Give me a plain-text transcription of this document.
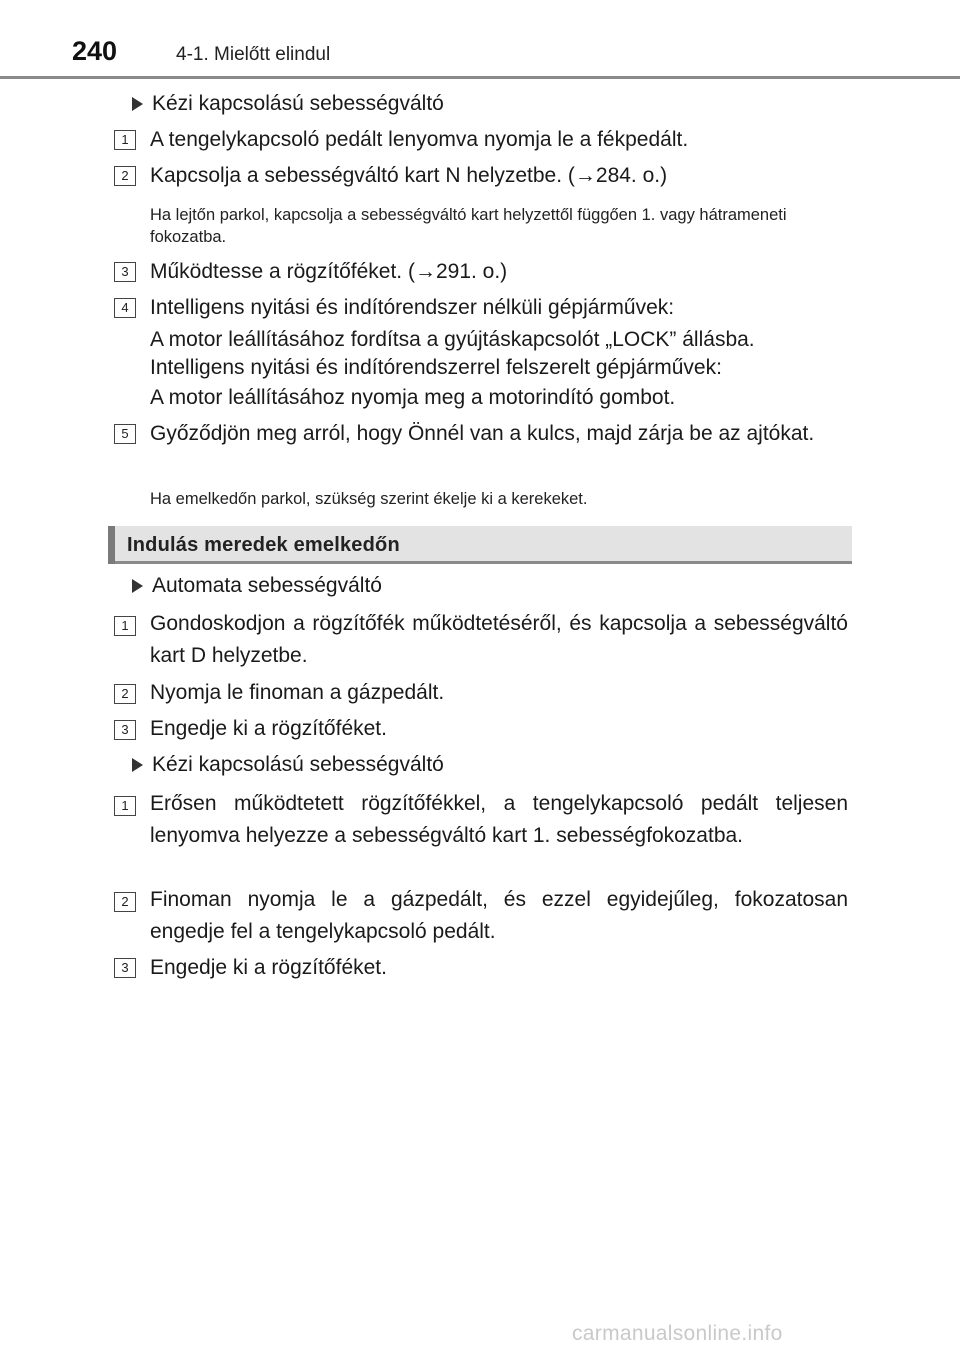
240	4-1. Mielőtt elindul
Kézi kapcsolású sebességváltó
1	A tengelykapcsoló pedált lenyomva nyomja le a fékpedált.
2	Kapcsolja a sebességváltó kart N helyzetbe. (→284. o.)
Ha lejtőn parkol, kapcsolja a sebességváltó kart helyzettől függően 1. vagy hátrameneti fokozatba.
3	Működtesse a rögzítőféket. (→291. o.)
4	Intelligens nyitási és indítórendszer nélküli gépjárművek:
A motor leállításához fordítsa a gyújtáskapcsolót „LOCK” állásba.
Intelligens nyitási és indítórendszerrel felszerelt gépjárművek:
A motor leállításához nyomja meg a motorindító gombot.
5	Győződjön meg arról, hogy Önnél van a kulcs, majd zárja be az ajtókat.
Ha emelkedőn parkol, szükség szerint ékelje ki a kerekeket.
Indulás meredek emelkedőn
Automata sebességváltó
1	Gondoskodjon a rögzítőfék működtetéséről, és kapcsolja a sebességváltó kart D helyzetbe.
2	Nyomja le finoman a gázpedált.
3	Engedje ki a rögzítőféket.
Kézi kapcsolású sebességváltó
1	Erősen működtetett rögzítőfékkel, a tengelykapcsoló pedált teljesen lenyomva helyezze a sebességváltó kart 1. sebességfokozatba.
2	Finoman nyomja le a gázpedált, és ezzel egyidejűleg, fokozatosan engedje fel a tengelykapcsoló pedált.
3	Engedje ki a rögzítőféket.
carmanualsonline.info
